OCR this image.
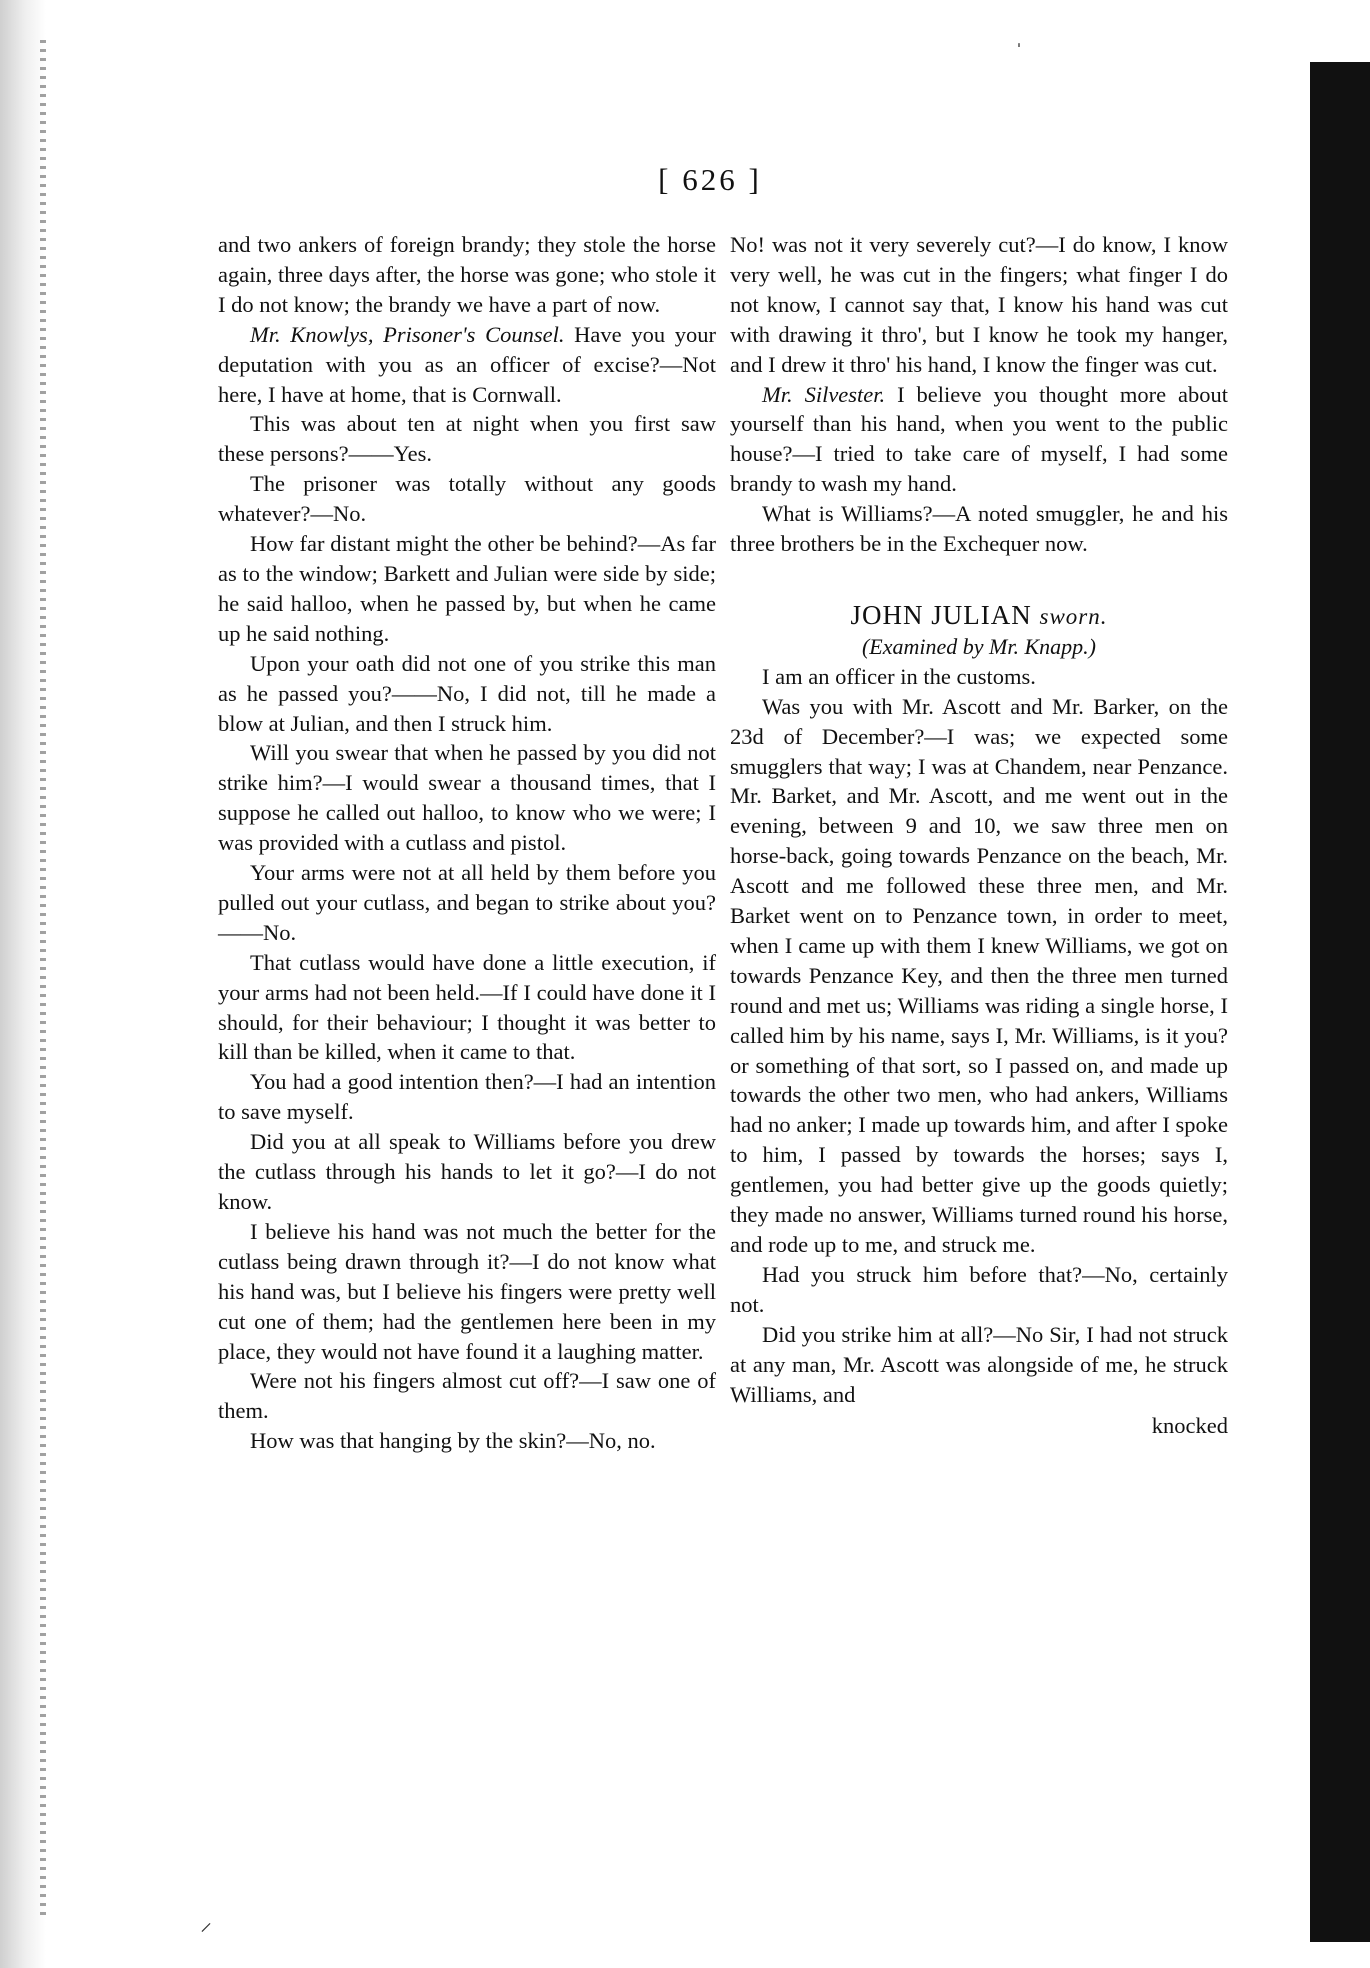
[ 626 ]

and two ankers of foreign brandy; they stole the horse again, three days after, the horse was gone; who stole it I do not know; the brandy we have a part of now.

Mr. Knowlys, Prisoner's Counsel. Have you your deputation with you as an officer of excise?—Not here, I have at home, that is Cornwall.

This was about ten at night when you first saw these persons?——Yes.

The prisoner was totally without any goods whatever?—No.

How far distant might the other be behind?—As far as to the window; Barkett and Julian were side by side; he said halloo, when he passed by, but when he came up he said nothing.

Upon your oath did not one of you strike this man as he passed you?——No, I did not, till he made a blow at Julian, and then I struck him.

Will you swear that when he passed by you did not strike him?—I would swear a thousand times, that I suppose he called out halloo, to know who we were; I was provided with a cutlass and pistol.

Your arms were not at all held by them before you pulled out your cutlass, and began to strike about you?——No.

That cutlass would have done a little execution, if your arms had not been held.—If I could have done it I should, for their behaviour; I thought it was better to kill than be killed, when it came to that.

You had a good intention then?—I had an intention to save myself.

Did you at all speak to Williams before you drew the cutlass through his hands to let it go?—I do not know.

I believe his hand was not much the better for the cutlass being drawn through it?—I do not know what his hand was, but I believe his fingers were pretty well cut one of them; had the gentlemen here been in my place, they would not have found it a laughing matter.

Were not his fingers almost cut off?—I saw one of them.

How was that hanging by the skin?—No, no.

No! was not it very severely cut?—I do know, I know very well, he was cut in the fingers; what finger I do not know, I cannot say that, I know his hand was cut with drawing it thro', but I know he took my hanger, and I drew it thro' his hand, I know the finger was cut.

Mr. Silvester. I believe you thought more about yourself than his hand, when you went to the public house?—I tried to take care of myself, I had some brandy to wash my hand.

What is Williams?—A noted smuggler, he and his three brothers be in the Exchequer now.

JOHN JULIAN sworn.

(Examined by Mr. Knapp.)

I am an officer in the customs.

Was you with Mr. Ascott and Mr. Barker, on the 23d of December?—I was; we expected some smugglers that way; I was at Chandem, near Penzance. Mr. Barket, and Mr. Ascott, and me went out in the evening, between 9 and 10, we saw three men on horse-back, going towards Penzance on the beach, Mr. Ascott and me followed these three men, and Mr. Barket went on to Penzance town, in order to meet, when I came up with them I knew Williams, we got on towards Penzance Key, and then the three men turned round and met us; Williams was riding a single horse, I called him by his name, says I, Mr. Williams, is it you? or something of that sort, so I passed on, and made up towards the other two men, who had ankers, Williams had no anker; I made up towards him, and after I spoke to him, I passed by towards the horses; says I, gentlemen, you had better give up the goods quietly; they made no answer, Williams turned round his horse, and rode up to me, and struck me.

Had you struck him before that?—No, certainly not.

Did you strike him at all?—No Sir, I had not struck at any man, Mr. Ascott was alongside of me, he struck Williams, and

knocked

ˈ
⸝
